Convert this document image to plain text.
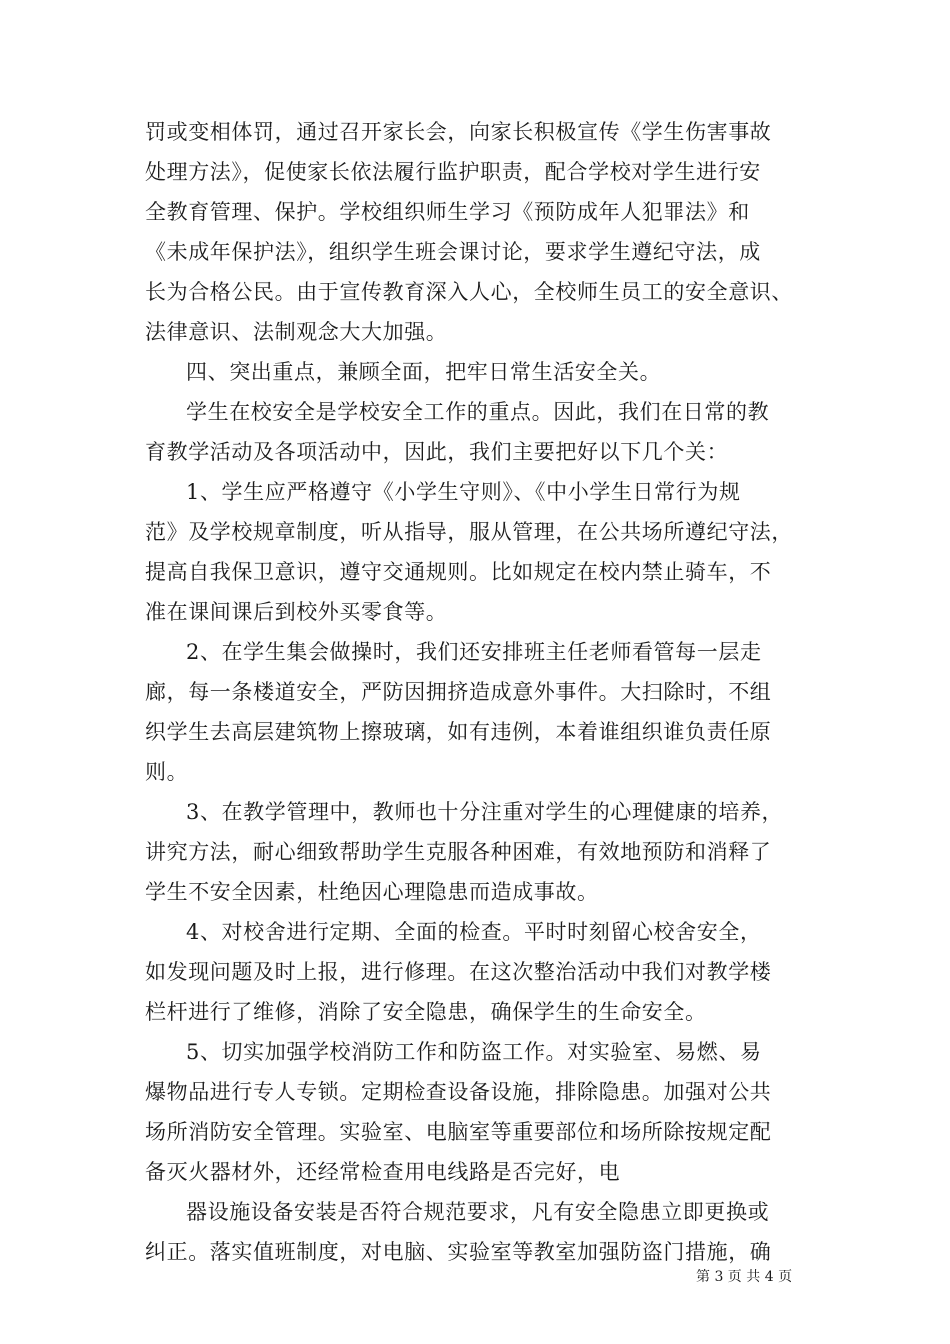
罚或变相体罚，通过召开家长会，向家长积极宣传《学生伤害事故
处理方法》，促使家长依法履行监护职责，配合学校对学生进行安
全教育管理、保护。学校组织师生学习《预防成年人犯罪法》和
《未成年保护法》，组织学生班会课讨论，要求学生遵纪守法，成
长为合格公民。由于宣传教育深入人心，全校师生员工的安全意识、
法律意识、法制观念大大加强。
四、突出重点，兼顾全面，把牢日常生活安全关。
学生在校安全是学校安全工作的重点。因此，我们在日常的教
育教学活动及各项活动中，因此，我们主要把好以下几个关：
1、学生应严格遵守《小学生守则》、《中小学生日常行为规
范》及学校规章制度，听从指导，服从管理，在公共场所遵纪守法，
提高自我保卫意识，遵守交通规则。比如规定在校内禁止骑车，不
准在课间课后到校外买零食等。
2、在学生集会做操时，我们还安排班主任老师看管每一层走
廊，每一条楼道安全，严防因拥挤造成意外事件。大扫除时，不组
织学生去高层建筑物上擦玻璃，如有违例，本着谁组织谁负责任原
则。
3、在教学管理中，教师也十分注重对学生的心理健康的培养，
讲究方法，耐心细致帮助学生克服各种困难，有效地预防和消释了
学生不安全因素，杜绝因心理隐患而造成事故。
4、对校舍进行定期、全面的检查。平时时刻留心校舍安全，
如发现问题及时上报，进行修理。在这次整治活动中我们对教学楼
栏杆进行了维修，消除了安全隐患，确保学生的生命安全。
5、切实加强学校消防工作和防盗工作。对实验室、易燃、易
爆物品进行专人专锁。定期检查设备设施，排除隐患。加强对公共
场所消防安全管理。实验室、电脑室等重要部位和场所除按规定配
备灭火器材外，还经常检查用电线路是否完好，电
器设施设备安装是否符合规范要求，凡有安全隐患立即更换或
纠正。落实值班制度，对电脑、实验室等教室加强防盗门措施，确
第 3 页 共 4 页
